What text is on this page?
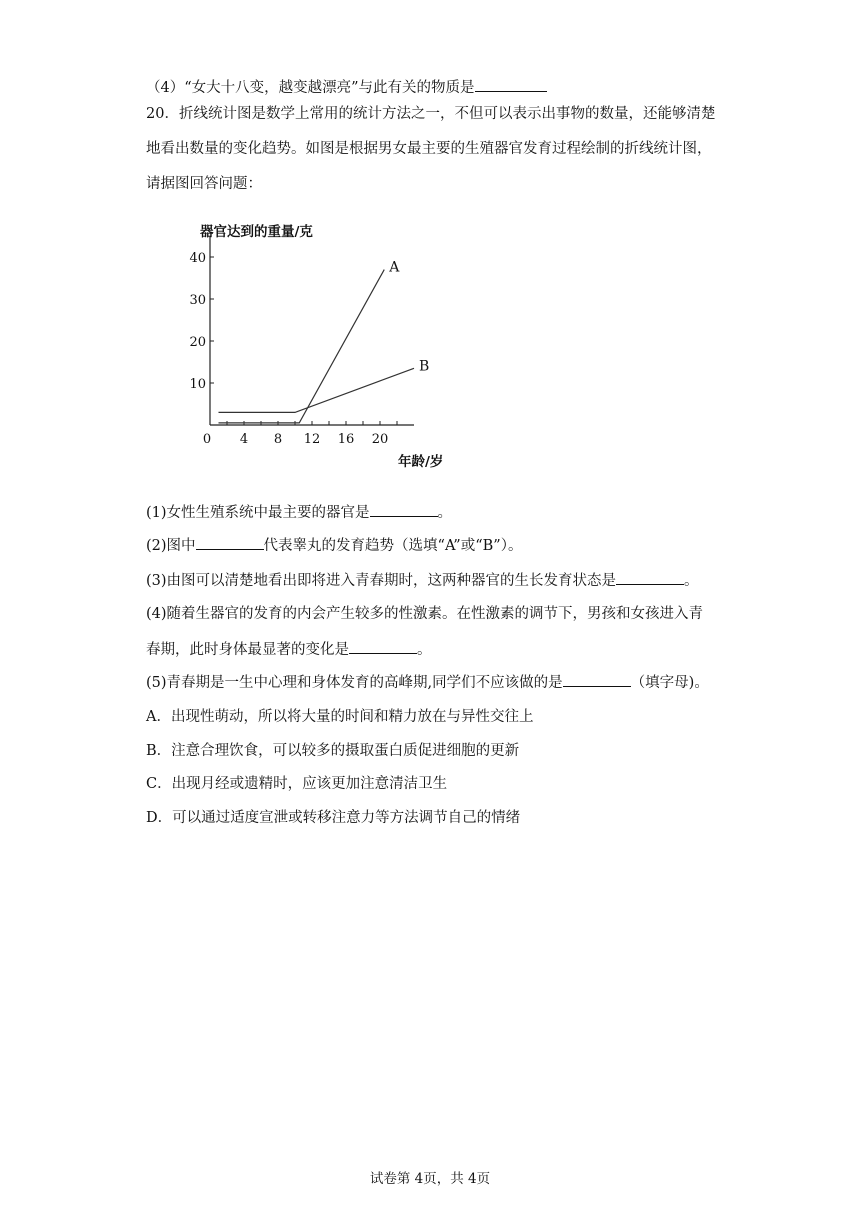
（4）“女大十八变，越变越漂亮”与此有关的物质是
20．折线统计图是数学上常用的统计方法之一，不但可以表示出事物的数量，还能够清楚地看出数量的变化趋势。如图是根据男女最主要的生殖器官发育过程绘制的折线统计图，请据图回答问题：
器官达到的重量/克
年龄/岁
10
20
30
40
0 4 8 12 16 20
A
B
(1)女性生殖系统中最主要的器官是	。
(2)图中	代表睾丸的发育趋势（选填“A”或“B”）。
(3)由图可以清楚地看出即将进入青春期时，这两种器官的生长发育状态是	。
(4)随着生器官的发育的内会产生较多的性激素。在性激素的调节下，男孩和女孩进入青
春期，此时身体最显著的变化是	。
(5)青春期是一生中心理和身体发育的高峰期,同学们不应该做的是	（填字母)。
A．出现性萌动，所以将大量的时间和精力放在与异性交往上
B．注意合理饮食，可以较多的摄取蛋白质促进细胞的更新
C．出现月经或遗精时，应该更加注意清洁卫生
D．可以通过适度宣泄或转移注意力等方法调节自己的情绪
试卷第 4页，共 4页
